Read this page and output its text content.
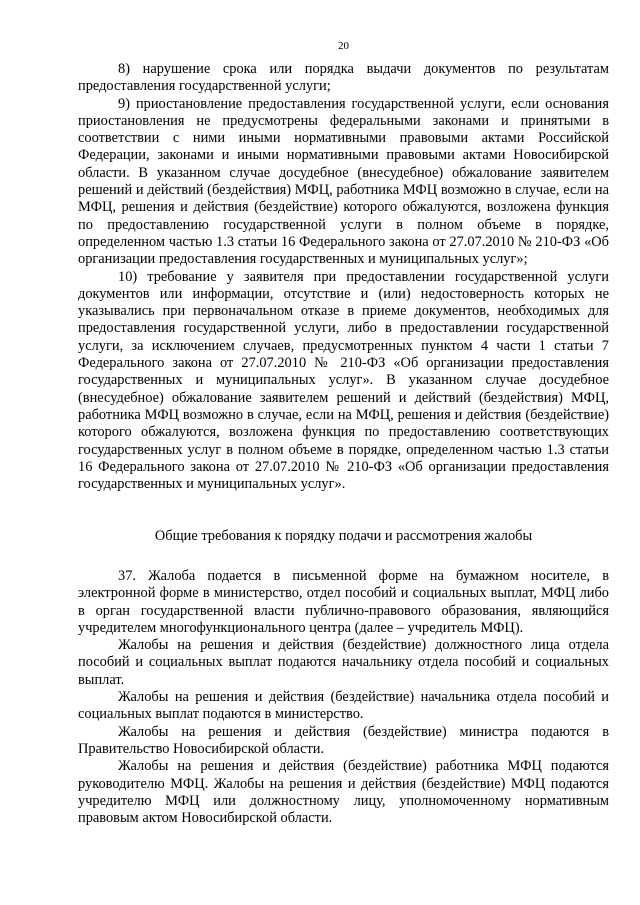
20

8) нарушение срока или порядка выдачи документов по результатам предоставления государственной услуги;

9) приостановление предоставления государственной услуги, если основания приостановления не предусмотрены федеральными законами и принятыми в соответствии с ними иными нормативными правовыми актами Российской Федерации, законами и иными нормативными правовыми актами Новосибирской области. В указанном случае досудебное (внесудебное) обжалование заявителем решений и действий (бездействия) МФЦ, работника МФЦ возможно в случае, если на МФЦ, решения и действия (бездействие) которого обжалуются, возложена функция по предоставлению государственной услуги в полном объеме в порядке, определенном частью 1.3 статьи 16 Федерального закона от 27.07.2010 № 210-ФЗ «Об организации предоставления государственных и муниципальных услуг»;

10) требование у заявителя при предоставлении государственной услуги документов или информации, отсутствие и (или) недостоверность которых не указывались при первоначальном отказе в приеме документов, необходимых для предоставления государственной услуги, либо в предоставлении государственной услуги, за исключением случаев, предусмотренных пунктом 4 части 1 статьи 7 Федерального закона от 27.07.2010 № 210-ФЗ «Об организации предоставления государственных и муниципальных услуг». В указанном случае досудебное (внесудебное) обжалование заявителем решений и действий (бездействия) МФЦ, работника МФЦ возможно в случае, если на МФЦ, решения и действия (бездействие) которого обжалуются, возложена функция по предоставлению соответствующих государственных услуг в полном объеме в порядке, определенном частью 1.3 статьи 16 Федерального закона от 27.07.2010 № 210-ФЗ «Об организации предоставления государственных и муниципальных услуг».

Общие требования к порядку подачи и рассмотрения жалобы

37. Жалоба подается в письменной форме на бумажном носителе, в электронной форме в министерство, отдел пособий и социальных выплат, МФЦ либо в орган государственной власти публично-правового образования, являющийся учредителем многофункционального центра (далее – учредитель МФЦ).

Жалобы на решения и действия (бездействие) должностного лица отдела пособий и социальных выплат подаются начальнику отдела пособий и социальных выплат.

Жалобы на решения и действия (бездействие) начальника отдела пособий и социальных выплат подаются в министерство.

Жалобы на решения и действия (бездействие) министра подаются в Правительство Новосибирской области.

Жалобы на решения и действия (бездействие) работника МФЦ подаются руководителю МФЦ. Жалобы на решения и действия (бездействие) МФЦ подаются учредителю МФЦ или должностному лицу, уполномоченному нормативным правовым актом Новосибирской области.
